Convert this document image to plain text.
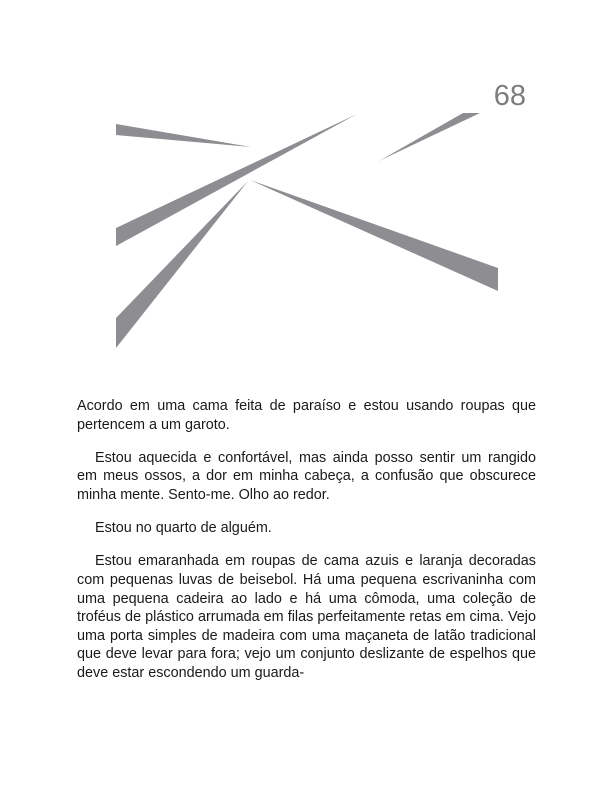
68

Acordo em uma cama feita de paraíso e estou usando roupas que pertencem a um garoto.

Estou aquecida e confortável, mas ainda posso sentir um rangido em meus ossos, a dor em minha cabeça, a confusão que obscurece minha mente. Sento-me. Olho ao redor.

Estou no quarto de alguém.

Estou emaranhada em roupas de cama azuis e laranja decoradas com pequenas luvas de beisebol. Há uma pequena escrivaninha com uma pequena cadeira ao lado e há uma cômoda, uma coleção de troféus de plástico arrumada em filas perfeitamente retas em cima. Vejo uma porta simples de madeira com uma maçaneta de latão tradicional que deve levar para fora; vejo um conjunto deslizante de espelhos que deve estar escondendo um guarda-
